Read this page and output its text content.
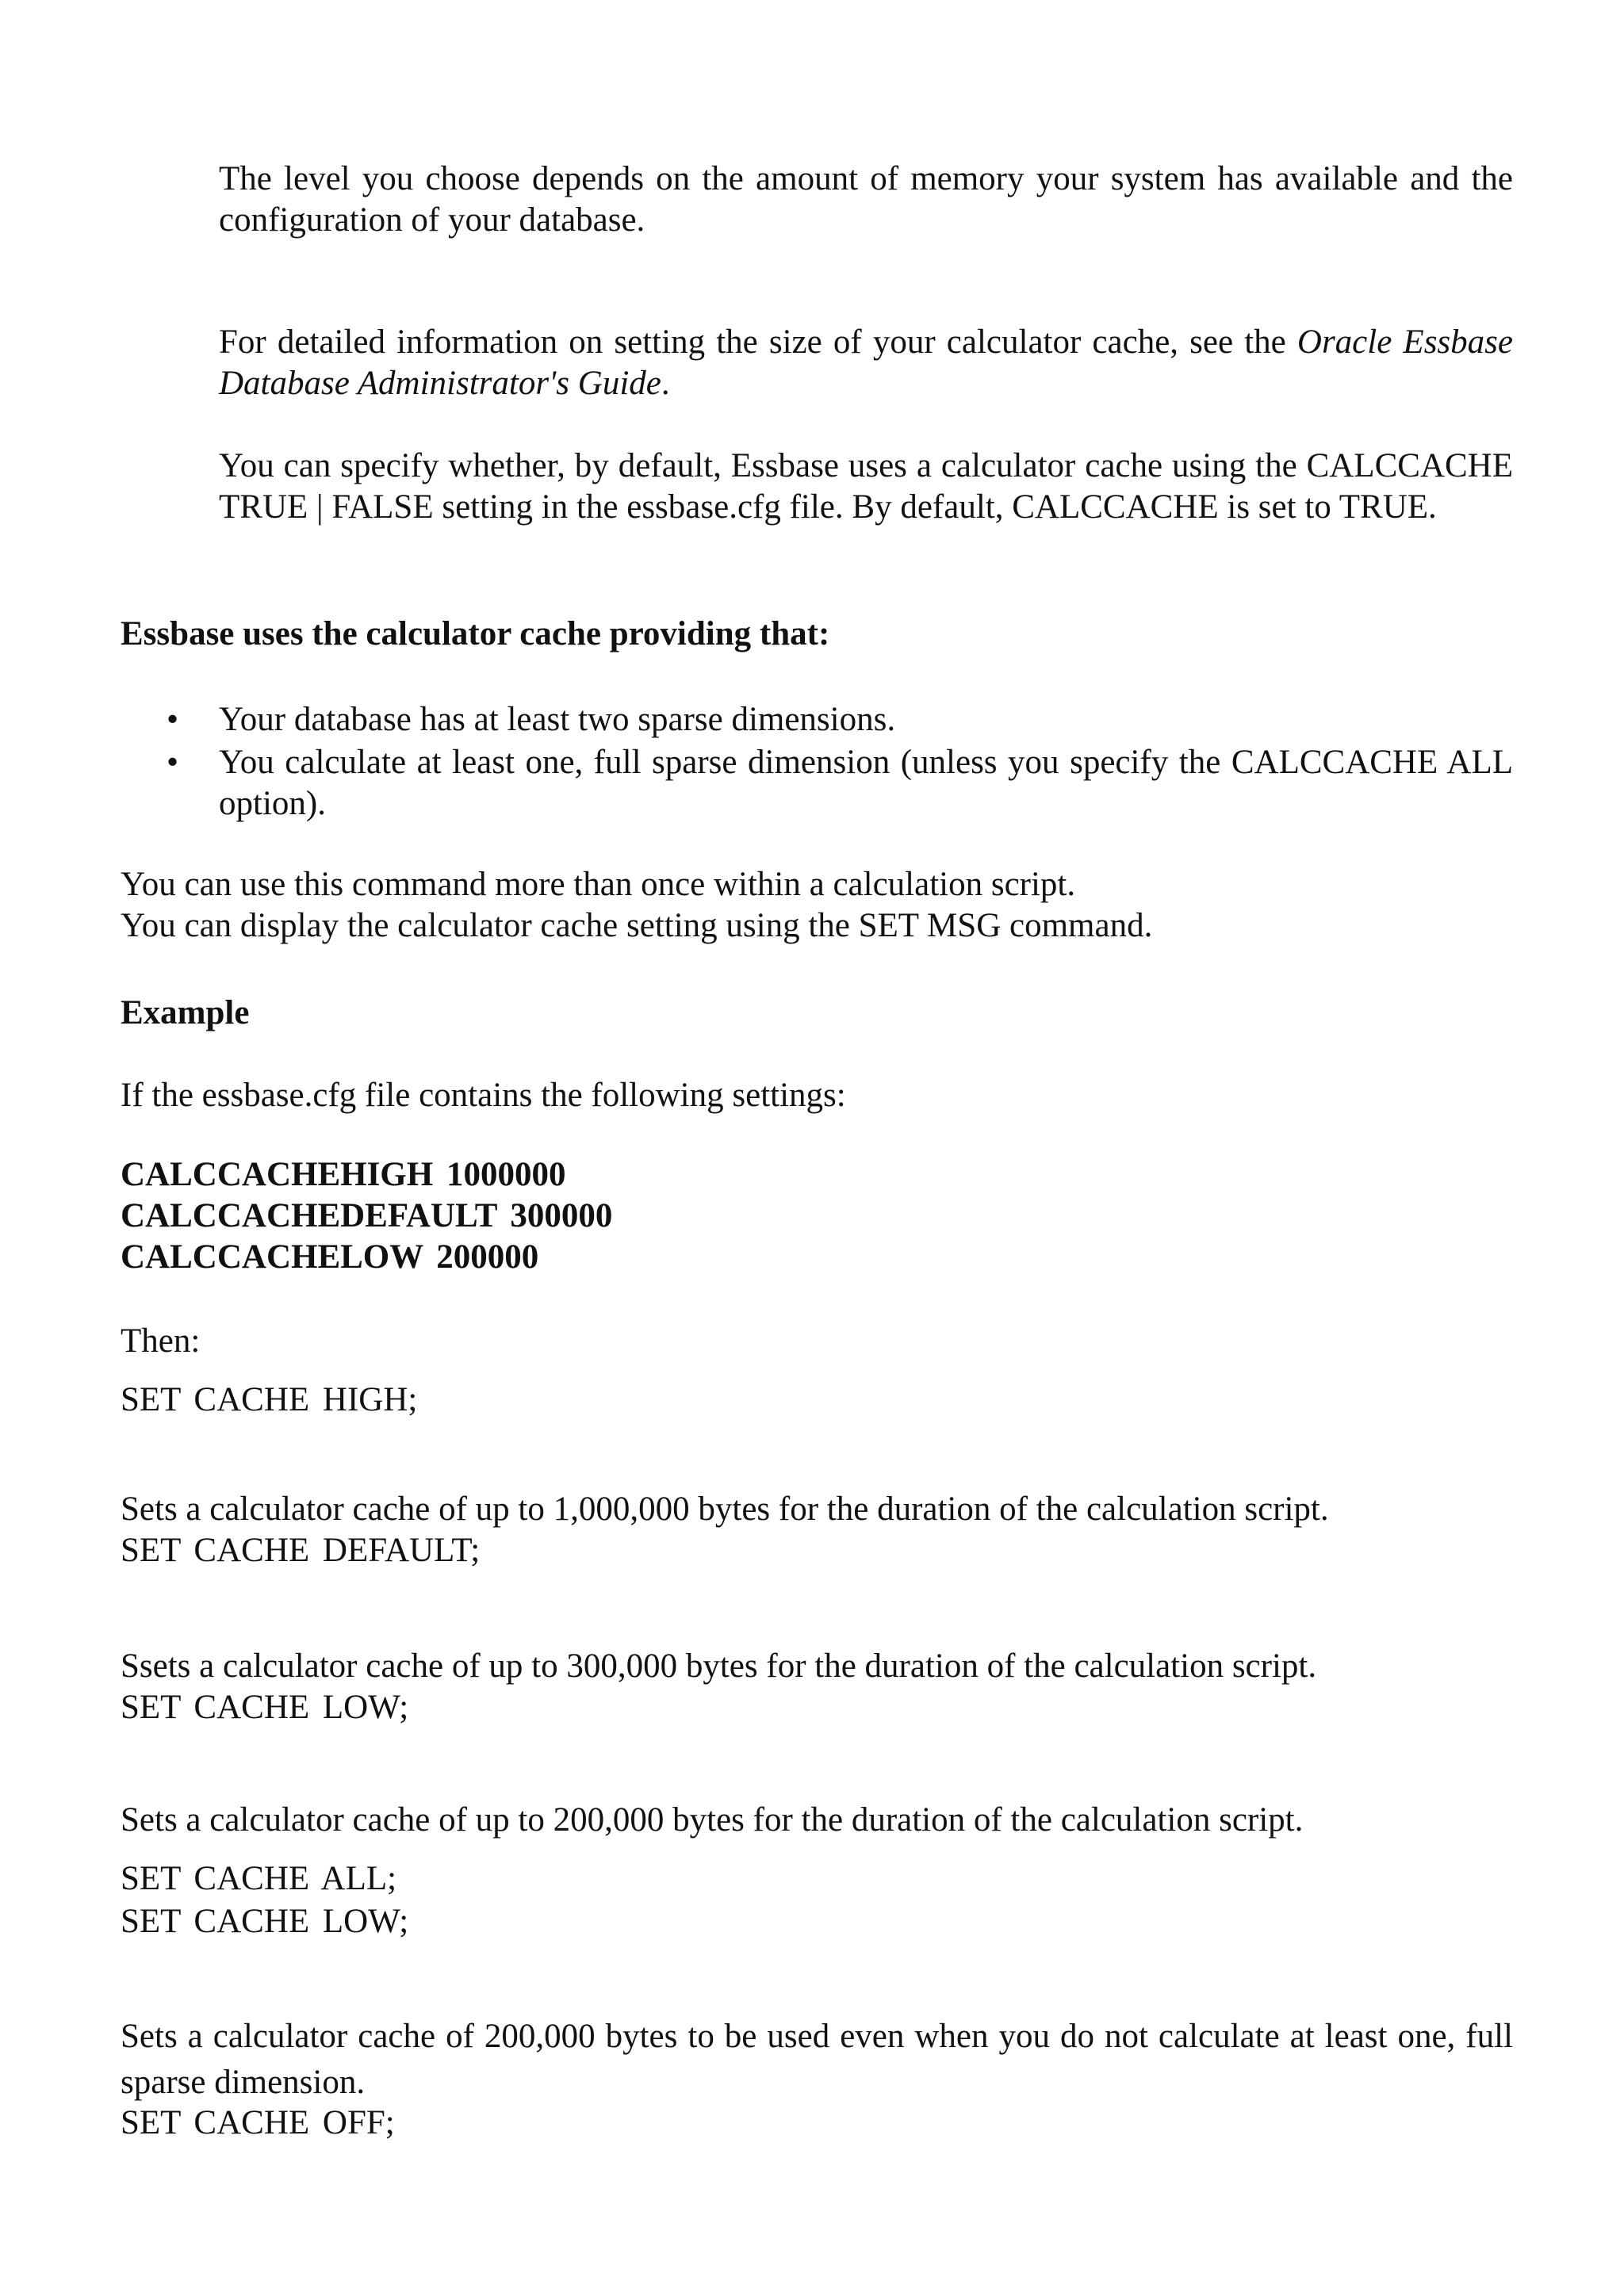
The level you choose depends on the amount of memory your system has available and the configuration of your database.

For detailed information on setting the size of your calculator cache, see the Oracle Essbase Database Administrator's Guide.

You can specify whether, by default, Essbase uses a calculator cache using the CALCCACHE TRUE | FALSE setting in the essbase.cfg file. By default, CALCCACHE is set to TRUE.

Essbase uses the calculator cache providing that:

•	Your database has at least two sparse dimensions.
•	You calculate at least one, full sparse dimension (unless you specify the CALCCACHE ALL option).

You can use this command more than once within a calculation script.

You can display the calculator cache setting using the SET MSG command.

Example

If the essbase.cfg file contains the following settings:

CALCCACHEHIGH 1000000

CALCCACHEDEFAULT 300000

CALCCACHELOW 200000

Then:

SET CACHE HIGH;

Sets a calculator cache of up to 1,000,000 bytes for the duration of the calculation script.

SET CACHE DEFAULT;

Ssets a calculator cache of up to 300,000 bytes for the duration of the calculation script.

SET CACHE LOW;

Sets a calculator cache of up to 200,000 bytes for the duration of the calculation script.

SET CACHE ALL;

SET CACHE LOW;

Sets a calculator cache of 200,000 bytes to be used even when you do not calculate at least one, full sparse dimension.

SET CACHE OFF;
